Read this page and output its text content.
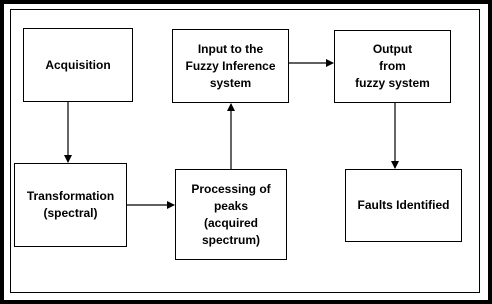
Acquisition
Transformation
(spectral)
Processing of
peaks
(acquired
spectrum)
Input to the
Fuzzy Inference
system
Output
from
fuzzy system
Faults Identified
